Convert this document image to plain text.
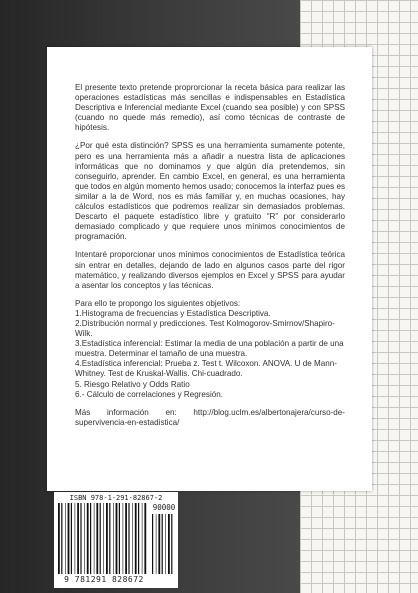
El presente texto pretende proprorcionar la receta básica para realizar las operaciones estadísticas más sencillas e indispensables en Estadística Descriptiva e Inferencial mediante Excel (cuando sea posible) y con SPSS (cuando no quede más remedio), así como técnicas de contraste de hipótesis.

¿Por qué esta distinción? SPSS es una herramienta sumamente potente, pero es una herramienta más a añadir a nuestra lista de aplicaciones informáticas que no dominamos y que algún día pretendemos, sin conseguirlo, aprender. En cambio Excel, en general, es una herramienta que todos en algún momento hemos usado; conocemos la interfaz pues es similar a la de Word, nos es más familiar y, en muchas ocasiones, hay cálculos estadísticos que podremos realizar sin demasiados problemas. Descarto el paquete estadístico libre y gratuito “R” por considerarlo demasiado complicado y que requiere unos mínimos conocimientos de programación.

Intentaré proporcionar unos mínimos conocimientos de Estadística teórica sin entrar en detalles, dejando de lado en algunos casos parte del rigor matemático, y realizando diversos ejemplos en Excel y SPSS para ayudar a asentar los conceptos y las técnicas.

Para ello te propongo los siguientes objetivos:

1.Histograma de frecuencias y Estadística Descriptiva.
2.Distribución normal y predicciones. Test Kolmogorov-Smirnov/Shapiro-Wilk.
3.Estadística inferencial: Estimar la media de una población a partir de una muestra. Determinar el tamaño de una muestra.
4.Estadística inferencial: Prueba z. Test t. Wilcoxon. ANOVA. U de Mann-Whitney. Test de Kruskal-Wallis. Chi-cuadrado.
5. Riesgo Relativo y Odds Ratio
6.- Cálculo de correlaciones y Regresión.

Más información en: http://blog.uclm.es/albertonajera/curso-de-supervivencia-en-estadistica/

ISBN 978-1-291-82867-2
90000
9 781291 828672
